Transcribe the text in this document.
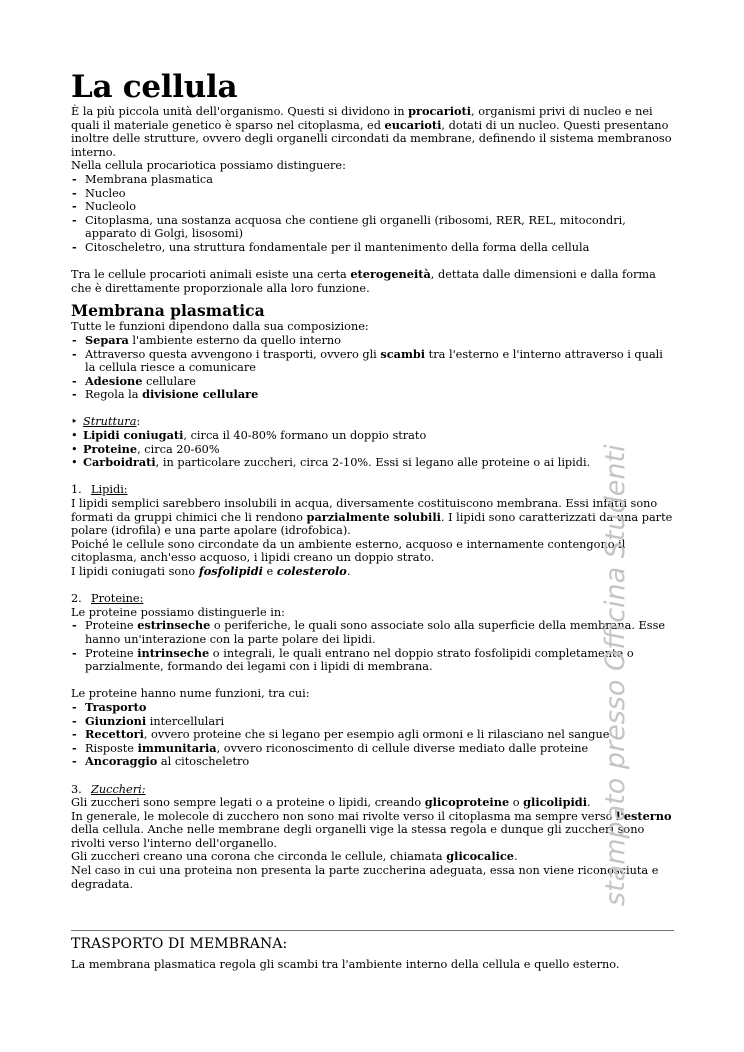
La cellula

È la più piccola unità dell'organismo. Questi si dividono in procarioti, organismi privi di nucleo e nei quali il materiale genetico è sparso nel citoplasma, ed eucarioti, dotati di un nucleo. Questi presentano inoltre delle strutture, ovvero degli organelli circondati da membrane, definendo il sistema membranoso interno.

Nella cellula procariotica possiamo distinguere:

- Membrana plasmatica
- Nucleo
- Nucleolo
- Citoplasma, una sostanza acquosa che contiene gli organelli (ribosomi, RER, REL, mitocondri, apparato di Golgi, lisosomi)
- Citoscheletro, una struttura fondamentale per il mantenimento della forma della cellula

Tra le cellule procarioti animali esiste una certa eterogeneità, dettata dalle dimensioni e dalla forma che è direttamente proporzionale alla loro funzione.

Membrana plasmatica

Tutte le funzioni dipendono dalla sua composizione:

- Separa l'ambiente esterno da quello interno
- Attraverso questa avvengono i trasporti, ovvero gli scambi tra l'esterno e l'interno attraverso i quali la cellula riesce a comunicare
- Adesione cellulare
- Regola la divisione cellulare

‣ Struttura:

• Lipidi coniugati, circa il 40-80% formano un doppio strato
• Proteine, circa 20-60%
• Carboidrati, in particolare zuccheri, circa 2-10%. Essi si legano alle proteine o ai lipidi.

1. Lipidi:

I lipidi semplici sarebbero insolubili in acqua, diversamente costituiscono membrana. Essi infatti sono formati da gruppi chimici che li rendono parzialmente solubili. I lipidi sono caratterizzati da una parte polare (idrofila) e una parte apolare (idrofobica).

Poiché le cellule sono circondate da un ambiente esterno, acquoso e internamente contengono il citoplasma, anch'esso acquoso, i lipidi creano un doppio strato.

I lipidi coniugati sono fosfolipidi e colesterolo.

2. Proteine:

Le proteine possiamo distinguerle in:

- Proteine estrinseche o periferiche, le quali sono associate solo alla superficie della membrana. Esse hanno un'interazione con la parte polare dei lipidi.
- Proteine intrinseche o integrali, le quali entrano nel doppio strato fosfolipidi completamente o parzialmente, formando dei legami con i lipidi di membrana.

Le proteine hanno nume funzioni, tra cui:

- Trasporto
- Giunzioni intercellulari
- Recettori, ovvero proteine che si legano per esempio agli ormoni e li rilasciano nel sangue
- Risposte immunitaria, ovvero riconoscimento di cellule diverse mediato dalle proteine
- Ancoraggio al citoscheletro

3. Zuccheri:

Gli zuccheri sono sempre legati o a proteine o lipidi, creando glicoproteine o glicolipidi.

In generale, le molecole di zucchero non sono mai rivolte verso il citoplasma ma sempre verso l'esterno della cellula. Anche nelle membrane degli organelli vige la stessa regola e dunque gli zuccheri sono rivolti verso l'interno dell'organello.

Gli zuccheri creano una corona che circonda le cellule, chiamata glicocalice.

Nel caso in cui una proteina non presenta la parte zuccherina adeguata, essa non viene riconosciuta e degradata.

TRASPORTO DI MEMBRANA:
La membrana plasmatica regola gli scambi tra l'ambiente interno della cellula e quello esterno.
stampato presso Officina Studenti
